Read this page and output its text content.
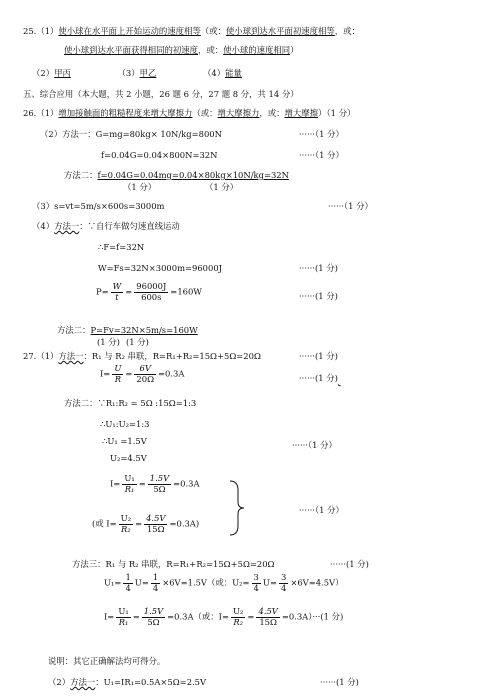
25.（1）使小球在水平面上开始运动的速度相等（或：使小球到达水平面初速度相等，或：
使小球到达水平面获得相同的初速度，或：使小球的速度相同）
（2）甲丙	（3）甲乙	（4）能量
五、综合应用（本大题，共 2 小题，26 题 6 分，27 题 8 分，共 14 分）
26.（1）增加接触面的粗糙程度来增大摩擦力（或：增大摩擦力，或：增大摩擦）（1 分）
（2）方法一：G=mg=80kg× 10N/kg=800N	······（1 分）
f=0.04G=0.04×800N=32N	······（1 分）
方法二：f=0.04G=0.04mg=0.04×80kg×10N/kg=32N
（1 分）	（1 分）
（3）s=vt=5m/s×600s=3000m	······（1 分）
（4）方法一：∵自行车做匀速直线运动
∴F=f=32N
W=Fs=32N×3000m=96000J	······(1 分)
$P= \frac{W}{t} = \frac{96000J}{600s} =160W$	······(1 分)
方法二：P=Fv=32N×5m/s=160W
(1 分) (1 分)
27.（1）方法一：R₁ 与 R₂ 串联，R=R₁+R₂=15Ω+5Ω=20Ω	······(1 分)
$I= \frac{U}{R} = \frac{6V}{20\Omega} =0.3A$	······(1 分)
方法二：∵R₁:R₂ = 5Ω :15Ω=1:3
∴U₁:U₂=1:3
∴U₁ =1.5V	······（1 分）
U₂=4.5V
$I= \frac{\text{U₁}}{\text{R₁}} = \frac{1.5V}{5\Omega} =0.3A$
(或 $I= \frac{\text{U₂}}{\text{R₂}} = \frac{4.5V}{15\Omega} =0.3A$)
······（1 分）
方法三：R₁ 与 R₂ 串联，R=R₁+R₂=15Ω+5Ω=20Ω	······(1 分)
$U_1= \frac{1}{4} U= \frac{1}{4} \times 6V=1.5V$（或：$U_2= \frac{3}{4} U= \frac{3}{4} \times 6V=4.5V$）
$I= \frac{\text{U₁}}{\text{R₁}} = \frac{1.5V}{5\Omega} =0.3A$（或：$I= \frac{\text{U₂}}{\text{R₂}} = \frac{4.5V}{15\Omega} =0.3A)\cdot\cdot\cdot(1$ 分)
说明：其它正确解法均可得分。
（2）方法一：U₁=IR₁=0.5A×5Ω=2.5V	······(1 分)
